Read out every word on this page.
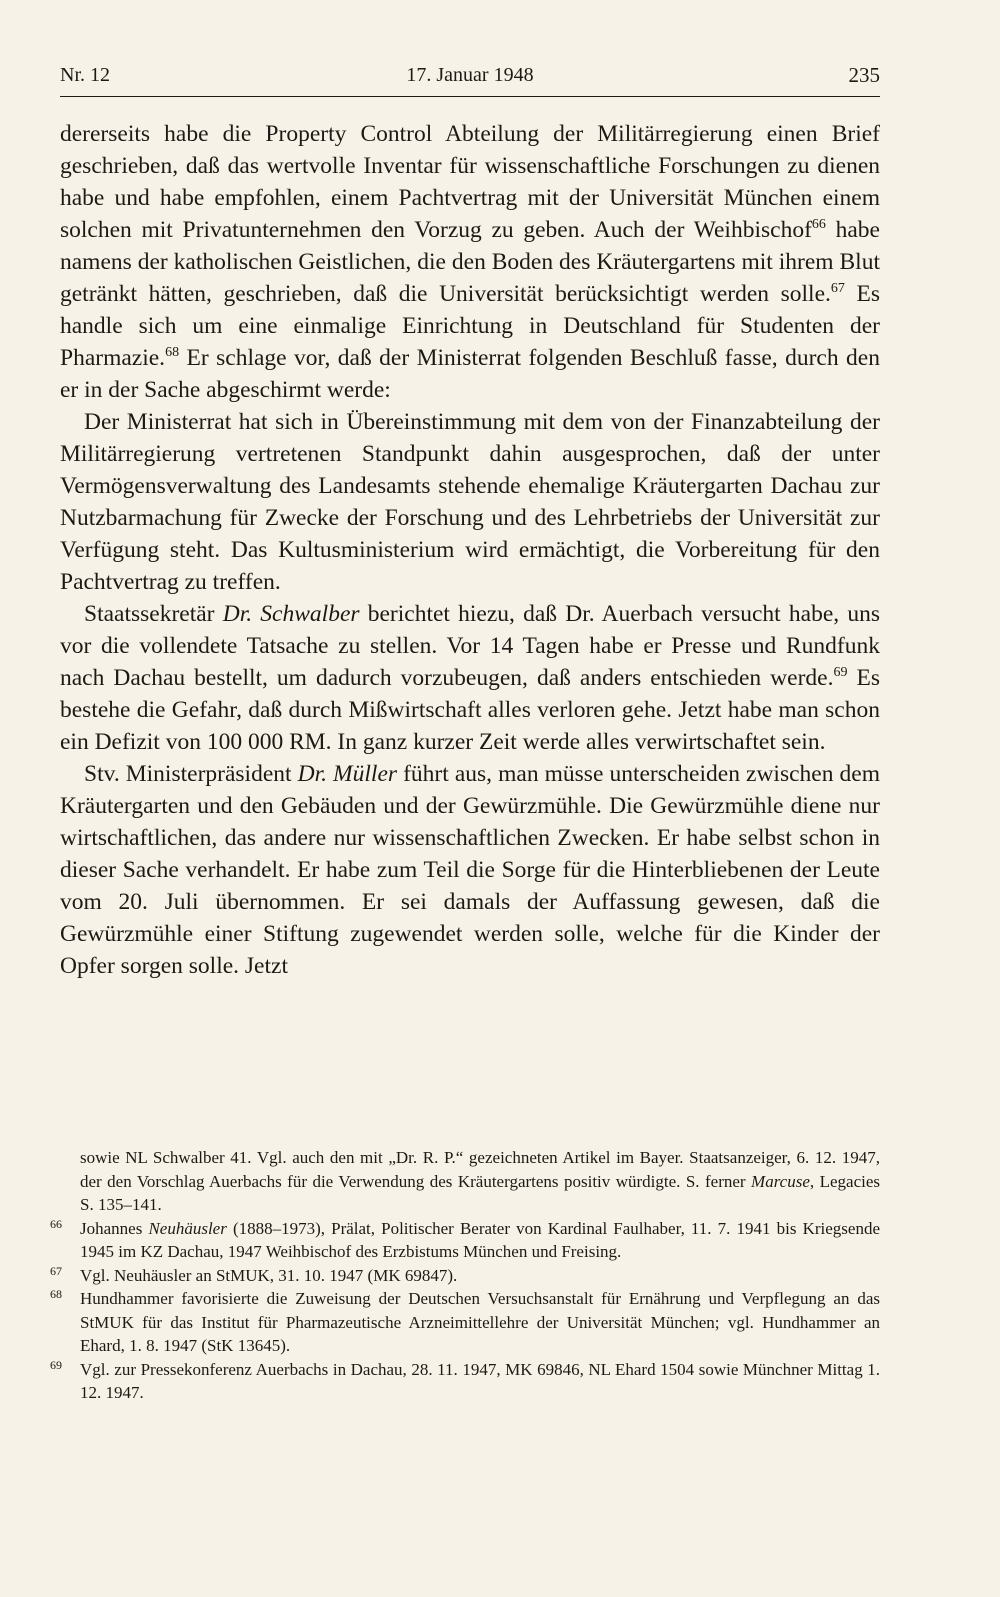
Nr. 12	17. Januar 1948	235

dererseits habe die Property Control Abteilung der Militärregierung einen Brief geschrieben, daß das wertvolle Inventar für wissenschaftliche Forschungen zu dienen habe und habe empfohlen, einem Pachtvertrag mit der Universität München einem solchen mit Privatunternehmen den Vorzug zu geben. Auch der Weihbischof$^{66}$ habe namens der katholischen Geistlichen, die den Boden des Kräutergartens mit ihrem Blut getränkt hätten, geschrieben, daß die Universität berücksichtigt werden solle.$^{67}$ Es handle sich um eine einmalige Einrichtung in Deutschland für Studenten der Pharmazie.$^{68}$ Er schlage vor, daß der Ministerrat folgenden Beschluß fasse, durch den er in der Sache abgeschirmt werde:

Der Ministerrat hat sich in Übereinstimmung mit dem von der Finanzabteilung der Militärregierung vertretenen Standpunkt dahin ausgesprochen, daß der unter Vermögensverwaltung des Landesamts stehende ehemalige Kräutergarten Dachau zur Nutzbarmachung für Zwecke der Forschung und des Lehrbetriebs der Universität zur Verfügung steht. Das Kultusministerium wird ermächtigt, die Vorbereitung für den Pachtvertrag zu treffen.

Staatssekretär Dr. Schwalber berichtet hiezu, daß Dr. Auerbach versucht habe, uns vor die vollendete Tatsache zu stellen. Vor 14 Tagen habe er Presse und Rundfunk nach Dachau bestellt, um dadurch vorzubeugen, daß anders entschieden werde.$^{69}$ Es bestehe die Gefahr, daß durch Mißwirtschaft alles verloren gehe. Jetzt habe man schon ein Defizit von 100 000 RM. In ganz kurzer Zeit werde alles verwirtschaftet sein.

Stv. Ministerpräsident Dr. Müller führt aus, man müsse unterscheiden zwischen dem Kräutergarten und den Gebäuden und der Gewürzmühle. Die Gewürzmühle diene nur wirtschaftlichen, das andere nur wissenschaftlichen Zwecken. Er habe selbst schon in dieser Sache verhandelt. Er habe zum Teil die Sorge für die Hinterbliebenen der Leute vom 20. Juli übernommen. Er sei damals der Auffassung gewesen, daß die Gewürzmühle einer Stiftung zugewendet werden solle, welche für die Kinder der Opfer sorgen solle. Jetzt

sowie NL Schwalber 41. Vgl. auch den mit „Dr. R. P.“ gezeichneten Artikel im Bayer. Staatsanzeiger, 6. 12. 1947, der den Vorschlag Auerbachs für die Verwendung des Kräutergartens positiv würdigte. S. ferner Marcuse, Legacies S. 135–141.

66 Johannes Neuhäusler (1888–1973), Prälat, Politischer Berater von Kardinal Faulhaber, 11. 7. 1941 bis Kriegsende 1945 im KZ Dachau, 1947 Weihbischof des Erzbistums München und Freising.

67 Vgl. Neuhäusler an StMUK, 31. 10. 1947 (MK 69847).

68 Hundhammer favorisierte die Zuweisung der Deutschen Versuchsanstalt für Ernährung und Verpflegung an das StMUK für das Institut für Pharmazeutische Arzneimittellehre der Universität München; vgl. Hundhammer an Ehard, 1. 8. 1947 (StK 13645).

69 Vgl. zur Pressekonferenz Auerbachs in Dachau, 28. 11. 1947, MK 69846, NL Ehard 1504 sowie Münchner Mittag 1. 12. 1947.
